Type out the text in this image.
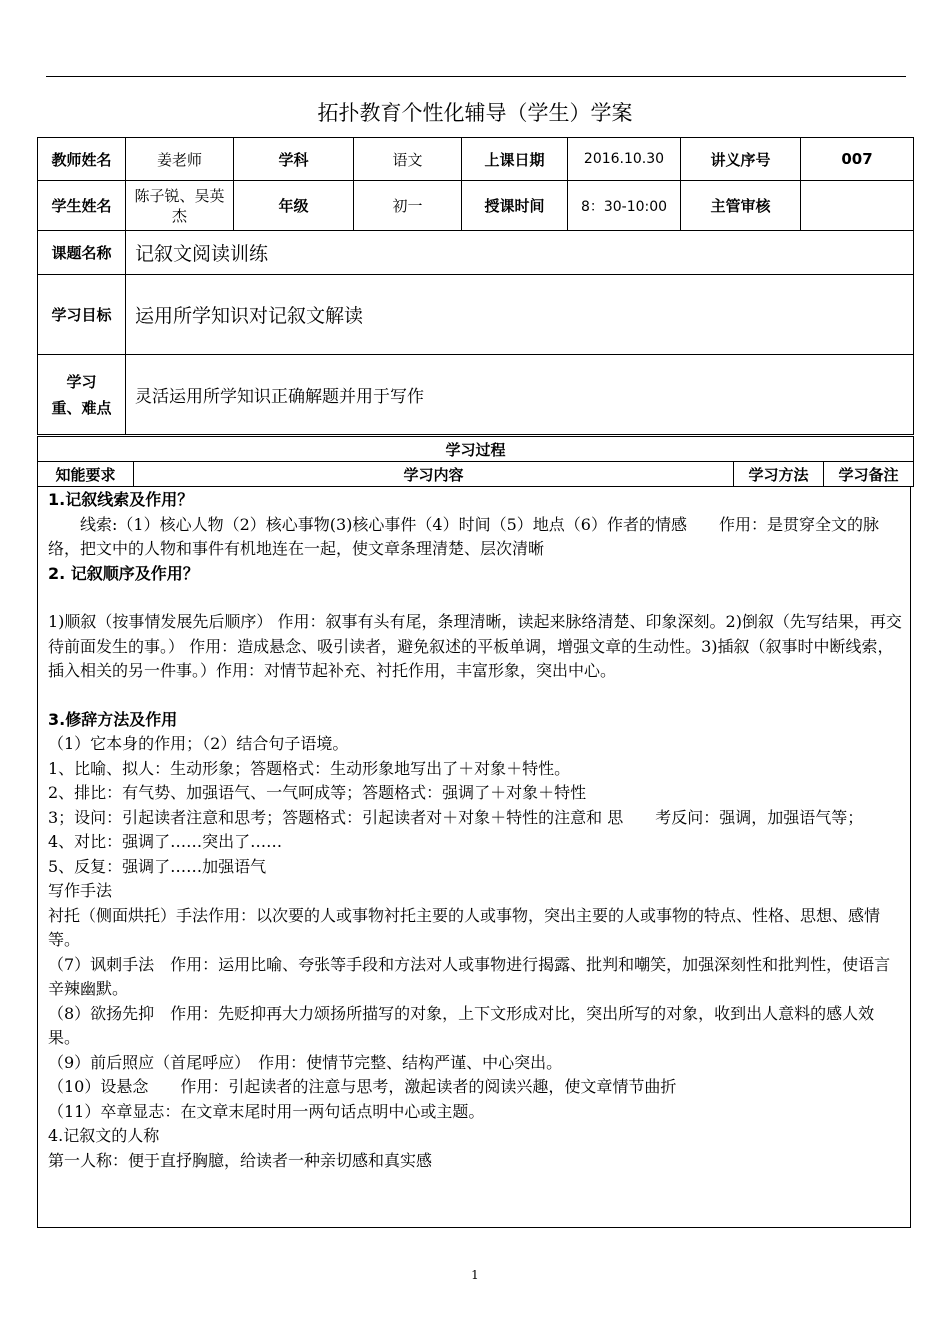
拓扑教育个性化辅导（学生）学案
教师姓名	姜老师	学科	语文	上课日期	2016.10.30	讲义序号	007
学生姓名	陈子锐、吴英杰	年级	初一	授课时间	8：30-10:00	主管审核	
课题名称	记叙文阅读训练						
学习目标	运用所学知识对记叙文解读						
学习
重、难点	灵活运用所学知识正确解题并用于写作						
学习过程
知能要求	学习内容	学习方法	学习备注

1.记叙线索及作用？

线索:（1）核心人物（2）核心事物(3)核心事件（4）时间（5）地点（6）作者的情感　　作用：是贯穿全文的脉络，把文中的人物和事件有机地连在一起，使文章条理清楚、层次清晰

2. 记叙顺序及作用？

1)顺叙（按事情发展先后顺序） 作用：叙事有头有尾，条理清晰，读起来脉络清楚、印象深刻。2)倒叙（先写结果，再交待前面发生的事。） 作用：造成悬念、吸引读者，避免叙述的平板单调，增强文章的生动性。3)插叙（叙事时中断线索，插入相关的另一件事。）作用：对情节起补充、衬托作用，丰富形象，突出中心。

3.修辞方法及作用

（1）它本身的作用；（2）结合句子语境。

1、比喻、拟人：生动形象；答题格式：生动形象地写出了＋对象＋特性。

2、排比：有气势、加强语气、一气呵成等；答题格式：强调了＋对象＋特性

3；设问：引起读者注意和思考；答题格式：引起读者对＋对象＋特性的注意和 思　　考反问：强调，加强语气等；

4、对比：强调了……突出了……

5、反复：强调了……加强语气

写作手法

衬托（侧面烘托）手法作用：以次要的人或事物衬托主要的人或事物，突出主要的人或事物的特点、性格、思想、感情等。

（7）讽刺手法　作用：运用比喻、夸张等手段和方法对人或事物进行揭露、批判和嘲笑，加强深刻性和批判性，使语言辛辣幽默。

（8）欲扬先抑　作用：先贬抑再大力颂扬所描写的对象，上下文形成对比，突出所写的对象，收到出人意料的感人效果。

（9）前后照应（首尾呼应）　作用：使情节完整、结构严谨、中心突出。

（10）设悬念　　作用：引起读者的注意与思考，激起读者的阅读兴趣，使文章情节曲折

（11）卒章显志：在文章末尾时用一两句话点明中心或主题。

4.记叙文的人称

第一人称：便于直抒胸臆，给读者一种亲切感和真实感

1
